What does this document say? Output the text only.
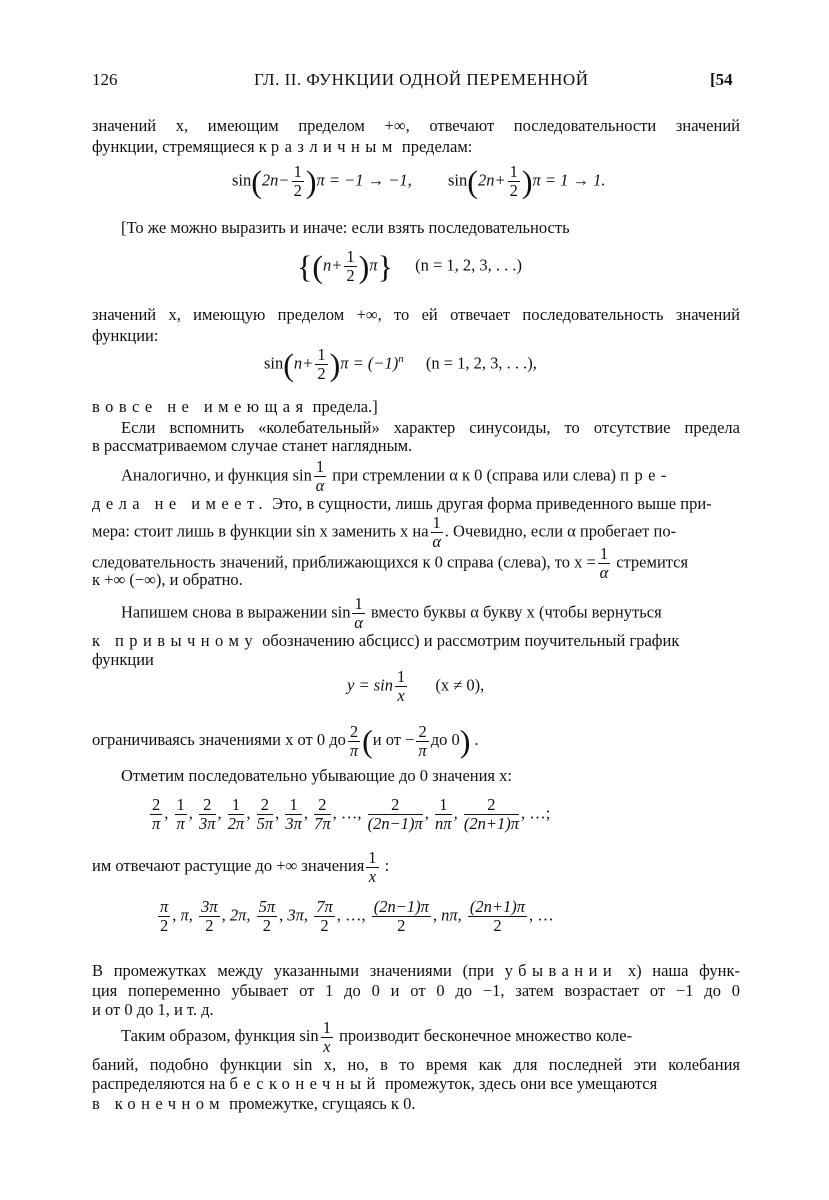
126	ГЛ. II. ФУНКЦИИ ОДНОЙ ПЕРЕМЕННОЙ	[54
значений x, имеющим пределом +∞, отвечают последовательности значений
функции, стремящиеся к различным пределам:
$\sin(2n- \frac{1}{2} )\pi = -1 \to -1$, $\sin(2n+ \frac{1}{2} )\pi = 1 \to 1$.
[То же можно выразить и иначе: если взять последовательность
$\{(n+ \frac{1}{2} )\pi\}$ (n = 1, 2, 3, . . .)
значений x, имеющую пределом +∞, то ей отвечает последовательность значений
функции:
$\sin(n+ \frac{1}{2} )\pi = (-1)^n$ (n = 1, 2, 3, . . .),
вовсе не имеющая предела.]
Если вспомнить «колебательный» характер синусоиды, то отсутствие предела
в рассматриваемом случае станет наглядным.
Аналогично, и функция $\sin \frac{1}{\alpha}$ при стремлении α к 0 (справа или слева) пре-
дела не имеет. Это, в сущности, лишь другая форма приведенного выше при-
мера: стоит лишь в функции sin x заменить x на $\frac{1}{\alpha}$ . Очевидно, если α пробегает по-
следовательность значений, приближающихся к 0 справа (слева), то $x = \frac{1}{\alpha}$ стремится
к +∞ (−∞), и обратно.
Напишем снова в выражении $\sin \frac{1}{\alpha}$ вместо буквы α букву x (чтобы вернуться
к привычному обозначению абсцисс) и рассмотрим поучительный график
функции
$y = \sin \frac{1}{x} (x \ne 0)$,
ограничиваясь значениями x от 0 до $\frac{2}{\pi}(и$ от − $\frac{2}{\pi}$ до 0) .
Отметим последовательно убывающие до 0 значения x:
$\frac{2}{\pi}$ , $\frac{1}{\pi}$ , $\frac{2}{3\pi}$ , $\frac{1}{2\pi}$ , $\frac{2}{5\pi}$ , $\frac{1}{3\pi}$ , $\frac{2}{7\pi}$ , …, $\frac{2}{(2n-1)\pi}$ , $\frac{1}{n\pi}$ , $\frac{2}{(2n+1)\pi}$ , …;
им отвечают растущие до +∞ значения $\frac{1}{x}$ :
$\frac{\pi}{2}$ , π, $\frac{3\pi}{2}$ , 2π, $\frac{5\pi}{2}$ , 3π, $\frac{7\pi}{2}$ , …, $\frac{(2n-1)\pi}{2}$ , nπ, $\frac{(2n+1)\pi}{2}$ , …
В промежутках между указанными значениями (при убывании x) наша функ-
ция попеременно убывает от 1 до 0 и от 0 до −1, затем возрастает от −1 до 0
и от 0 до 1, и т. д.
Таким образом, функция $\sin \frac{1}{x}$ производит бесконечное множество коле-
баний, подобно функции sin x, но, в то время как для последней эти колебания
распределяются на бесконечный промежуток, здесь они все умещаются
в конечном промежутке, сгущаясь к 0.
